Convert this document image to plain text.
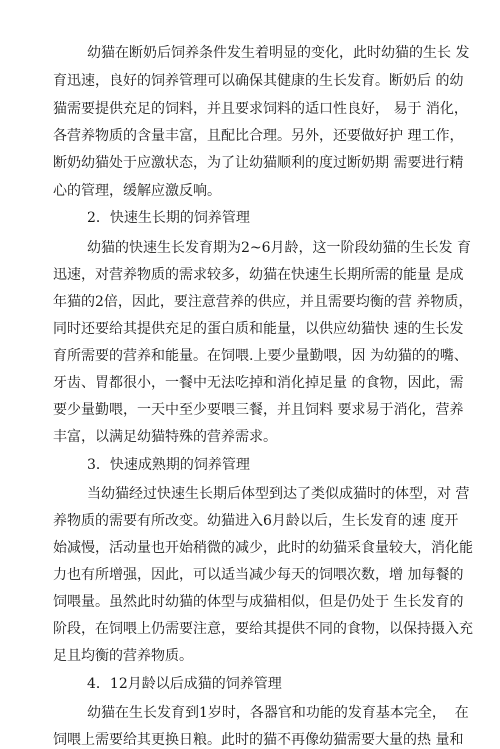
幼猫在断奶后饲养条件发生着明显的变化，此时幼猫的生长 发
育迅速，良好的饲养管理可以确保其健康的生长发育。断奶后 的幼
猫需要提供充足的饲料，并且要求饲料的适口性良好， 易于 消化，
各营养物质的含量丰富，且配比合理。另外，还要做好护 理工作，
断奶幼猫处于应激状态，为了让幼猫顺利的度过断奶期 需要进行精
心的管理，缓解应激反响。
2．快速生长期的饲养管理
幼猫的快速生长发育期为2~6月龄，这一阶段幼猫的生长发 育
迅速，对营养物质的需求较多，幼猫在快速生长期所需的能量 是成
年猫的2倍，因此，要注意营养的供应，并且需要均衡的营 养物质，
同时还要给其提供充足的蛋白质和能量，以供应幼猫快 速的生长发
育所需要的营养和能量。在饲喂.上要少量勤喂，因 为幼猫的的嘴、
牙齿、胃都很小，一餐中无法吃掉和消化掉足量 的食物，因此，需
要少量勤喂，一天中至少要喂三餐，并且饲料 要求易于消化，营养
丰富，以满足幼猫特殊的营养需求。
3．快速成熟期的饲养管理
当幼猫经过快速生长期后体型到达了类似成猫时的体型，对 营
养物质的需要有所改变。幼猫进入6月龄以后，生长发育的速 度开
始减慢，活动量也开始稍微的减少，此时的幼猫采食量较大，消化能
力也有所增强，因此，可以适当减少每天的饲喂次数，增 加每餐的
饲喂量。虽然此时幼猫的体型与成猫相似，但是仍处于 生长发育的
阶段，在饲喂上仍需要注意，要给其提供不同的食物，以保持摄入充
足且均衡的营养物质。
4．12月龄以后成猫的饲养管理
幼猫在生长发育到1岁时，各器官和功能的发育基本完全，  在
饲喂上需要给其更换日粮。此时的猫不再像幼猫需要大量的热 量和
